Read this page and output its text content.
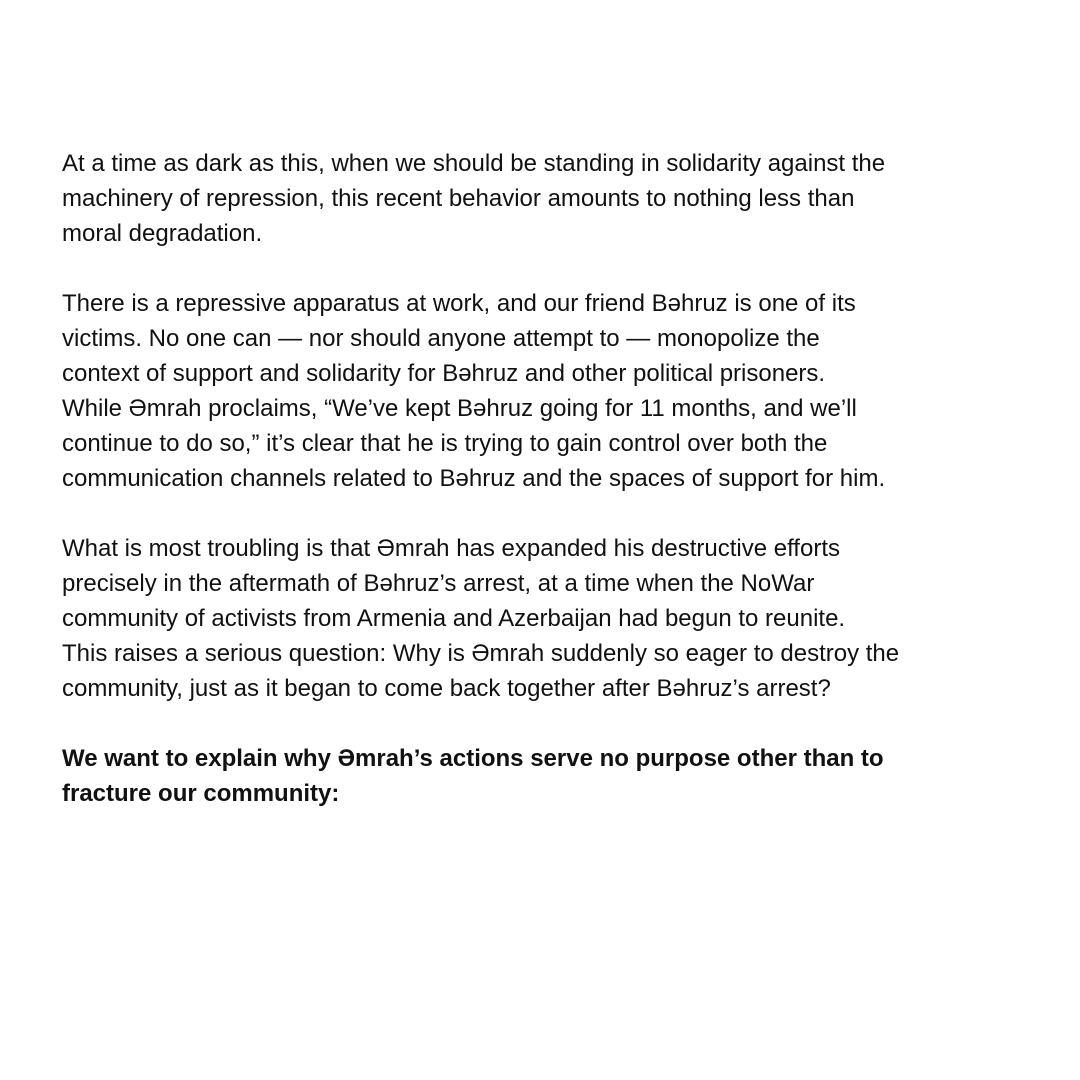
At a time as dark as this, when we should be standing in solidarity against the
machinery of repression, this recent behavior amounts to nothing less than
moral degradation.

There is a repressive apparatus at work, and our friend Bəhruz is one of its
victims. No one can — nor should anyone attempt to — monopolize the
context of support and solidarity for Bəhruz and other political prisoners.
While Əmrah proclaims, “We’ve kept Bəhruz going for 11 months, and we’ll
continue to do so,” it’s clear that he is trying to gain control over both the
communication channels related to Bəhruz and the spaces of support for him.

What is most troubling is that Əmrah has expanded his destructive efforts
precisely in the aftermath of Bəhruz’s arrest, at a time when the NoWar
community of activists from Armenia and Azerbaijan had begun to reunite.
This raises a serious question: Why is Əmrah suddenly so eager to destroy the
community, just as it began to come back together after Bəhruz’s arrest?

We want to explain why Əmrah’s actions serve no purpose other than to
fracture our community:
